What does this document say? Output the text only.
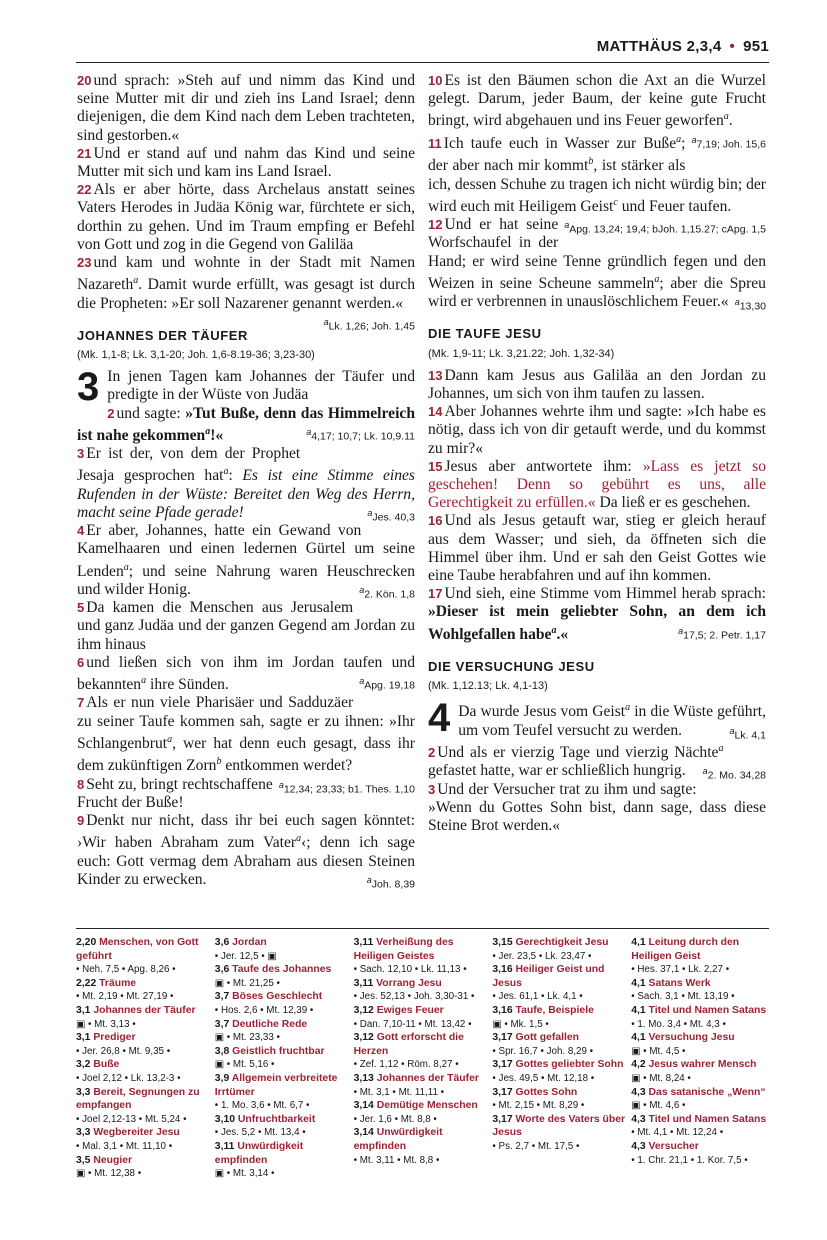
MATTHÄUS 2,3,4 • 951

20 und sprach: »Steh auf und nimm das Kind und seine Mutter mit dir und zieh ins Land Israel; denn diejenigen, die dem Kind nach dem Leben trachteten, sind gestorben.«

21 Und er stand auf und nahm das Kind und seine Mutter mit sich und kam ins Land Israel.

22 Als er aber hörte, dass Archelaus anstatt seines Vaters Herodes in Judäa König war, fürchtete er sich, dorthin zu gehen. Und im Traum empfing er Befehl von Gott und zog in die Gegend von Galiläa

23 und kam und wohnte in der Stadt mit Namen Nazareth$^a$. Damit wurde erfüllt, was gesagt ist durch die Propheten: »Er soll Nazarener genannt werden.«
aLk. 1,26; Joh. 1,45

JOHANNES DER TÄUFER
(Mk. 1,1-8; Lk. 3,1-20; Joh. 1,6-8.19-36; 3,23-30)

3 In jenen Tagen kam Johannes der Täufer und predigte in der Wüste von Judäa

2 und sagte: »Tut Buße, denn das Himmelreich ist nahe gekommen$^a$!«	a4,17; 10,7; Lk. 10,9.11

3 Er ist der, von dem der Prophet Jesaja gesprochen hat$^a$: Es ist eine Stimme eines Rufenden in der Wüste: Bereitet den Weg des Herrn, macht seine Pfade gerade!	aJes. 40,3

4 Er aber, Johannes, hatte ein Gewand von Kamelhaaren und einen ledernen Gürtel um seine Lenden$^a$; und seine Nahrung waren Heuschrecken und wilder Honig.	a2. Kön. 1,8

5 Da kamen die Menschen aus Jerusalem und ganz Judäa und der ganzen Gegend am Jordan zu ihm hinaus

6 und ließen sich von ihm im Jordan taufen und bekannten$^a$ ihre Sünden.	aApg. 19,18

7 Als er nun viele Pharisäer und Sadduzäer zu seiner Taufe kommen sah, sagte er zu ihnen: »Ihr Schlangenbrut$^a$, wer hat denn euch gesagt, dass ihr dem zukünftigen Zorn$^b$ entkommen werdet?
a12,34; 23,33; b1. Thes. 1,10

8 Seht zu, bringt rechtschaffene Frucht der Buße!

9 Denkt nur nicht, dass ihr bei euch sagen könntet: ›Wir haben Abraham zum Vater$^a$‹; denn ich sage euch: Gott vermag dem Abraham aus diesen Steinen Kinder zu erwecken.	aJoh. 8,39

10 Es ist den Bäumen schon die Axt an die Wurzel gelegt. Darum, jeder Baum, der keine gute Frucht bringt, wird abgehauen und ins Feuer geworfen$^a$.
a7,19; Joh. 15,6

11 Ich taufe euch in Wasser zur Buße$^a$; der aber nach mir kommt$^b$, ist stärker als ich, dessen Schuhe zu tragen ich nicht würdig bin; der wird euch mit Heiligem Geist$^c$ und Feuer taufen.
aApg. 13,24; 19,4; bJoh. 1,15.27; cApg. 1,5

12 Und er hat seine Worfschaufel in der Hand; er wird seine Tenne gründlich fegen und den Weizen in seine Scheune sammeln$^a$; aber die Spreu wird er verbrennen in unauslöschlichem Feuer.« a13,30

DIE TAUFE JESU
(Mk. 1,9-11; Lk. 3,21.22; Joh. 1,32-34)

13 Dann kam Jesus aus Galiläa an den Jordan zu Johannes, um sich von ihm taufen zu lassen.

14 Aber Johannes wehrte ihm und sagte: »Ich habe es nötig, dass ich von dir getauft werde, und du kommst zu mir?«

15 Jesus aber antwortete ihm: »Lass es jetzt so geschehen! Denn so gebührt es uns, alle Gerechtigkeit zu erfüllen.« Da ließ er es geschehen.

16 Und als Jesus getauft war, stieg er gleich herauf aus dem Wasser; und sieh, da öffneten sich die Himmel über ihm. Und er sah den Geist Gottes wie eine Taube herabfahren und auf ihn kommen.

17 Und sieh, eine Stimme vom Himmel herab sprach: »Dieser ist mein geliebter Sohn, an dem ich Wohlgefallen habe$^a$.«	a17,5; 2. Petr. 1,17

DIE VERSUCHUNG JESU
(Mk. 1,12.13; Lk. 4,1-13)

4 Da wurde Jesus vom Geist$^a$ in die Wüste geführt, um vom Teufel versucht zu werden.	aLk. 4,1

2 Und als er vierzig Tage und vierzig Nächte$^a$ gefastet hatte, war er schließlich hungrig. a2. Mo. 34,28

3 Und der Versucher trat zu ihm und sagte: »Wenn du Gottes Sohn bist, dann sage, dass diese Steine Brot werden.«

2,20 Menschen, von Gott geführt
• Neh. 7,5 • Apg. 8,26 •
2,22 Träume
• Mt. 2,19 • Mt. 27,19 •
3,1 Johannes der Täufer
▣ • Mt. 3,13 •
3,1 Prediger
• Jer. 26,8 • Mt. 9,35 •
3,2 Buße
• Joel 2,12 • Lk. 13,2-3 •
3,3 Bereit, Segnungen zu empfangen
• Joel 2,12-13 • Mt. 5,24 •
3,3 Wegbereiter Jesu
• Mal. 3,1 • Mt. 11,10 •
3,5 Neugier
▣ • Mt. 12,38 •
3,6 Jordan
• Jer. 12,5 • ▣
3,6 Taufe des Johannes
▣ • Mt. 21,25 •
3,7 Böses Geschlecht
• Hos. 2,6 • Mt. 12,39 •
3,7 Deutliche Rede
▣ • Mt. 23,33 •
3,8 Geistlich fruchtbar
▣ • Mt. 5,16 •
3,9 Allgemein verbreitete Irrtümer
• 1. Mo. 3,6 • Mt. 6,7 •
3,10 Unfruchtbarkeit
• Jes. 5,2 • Mt. 13,4 •
3,11 Unwürdigkeit empfinden
▣ • Mt. 3,14 •
3,11 Verheißung des Heiligen Geistes
• Sach. 12,10 • Lk. 11,13 •
3,11 Vorrang Jesu
• Jes. 52,13 • Joh. 3,30-31 •
3,12 Ewiges Feuer
• Dan. 7,10-11 • Mt. 13,42 •
3,12 Gott erforscht die Herzen
• Zef. 1,12 • Röm. 8,27 •
3,13 Johannes der Täufer
• Mt. 3,1 • Mt. 11,11 •
3,14 Demütige Menschen
• Jer. 1,6 • Mt. 8,8 •
3,14 Unwürdigkeit empfinden
• Mt. 3,11 • Mt. 8,8 •
3,15 Gerechtigkeit Jesu
• Jer. 23,5 • Lk. 23,47 •
3,16 Heiliger Geist und Jesus
• Jes. 61,1 • Lk. 4,1 •
3,16 Taufe, Beispiele
▣ • Mk. 1,5 •
3,17 Gott gefallen
• Spr. 16,7 • Joh. 8,29 •
3,17 Gottes geliebter Sohn
• Jes. 49,5 • Mt. 12,18 •
3,17 Gottes Sohn
• Mt. 2,15 • Mt. 8,29 •
3,17 Worte des Vaters über Jesus
• Ps. 2,7 • Mt. 17,5 •
4,1 Leitung durch den Heiligen Geist
• Hes. 37,1 • Lk. 2,27 •
4,1 Satans Werk
• Sach. 3,1 • Mt. 13,19 •
4,1 Titel und Namen Satans
• 1. Mo. 3,4 • Mt. 4,3 •
4,1 Versuchung Jesu
▣ • Mt. 4,5 •
4,2 Jesus wahrer Mensch
▣ • Mt. 8,24 •
4,3 Das satanische „Wenn“
▣ • Mt. 4,6 •
4,3 Titel und Namen Satans
• Mt. 4,1 • Mt. 12,24 •
4,3 Versucher
• 1. Chr. 21,1 • 1. Kor. 7,5 •
